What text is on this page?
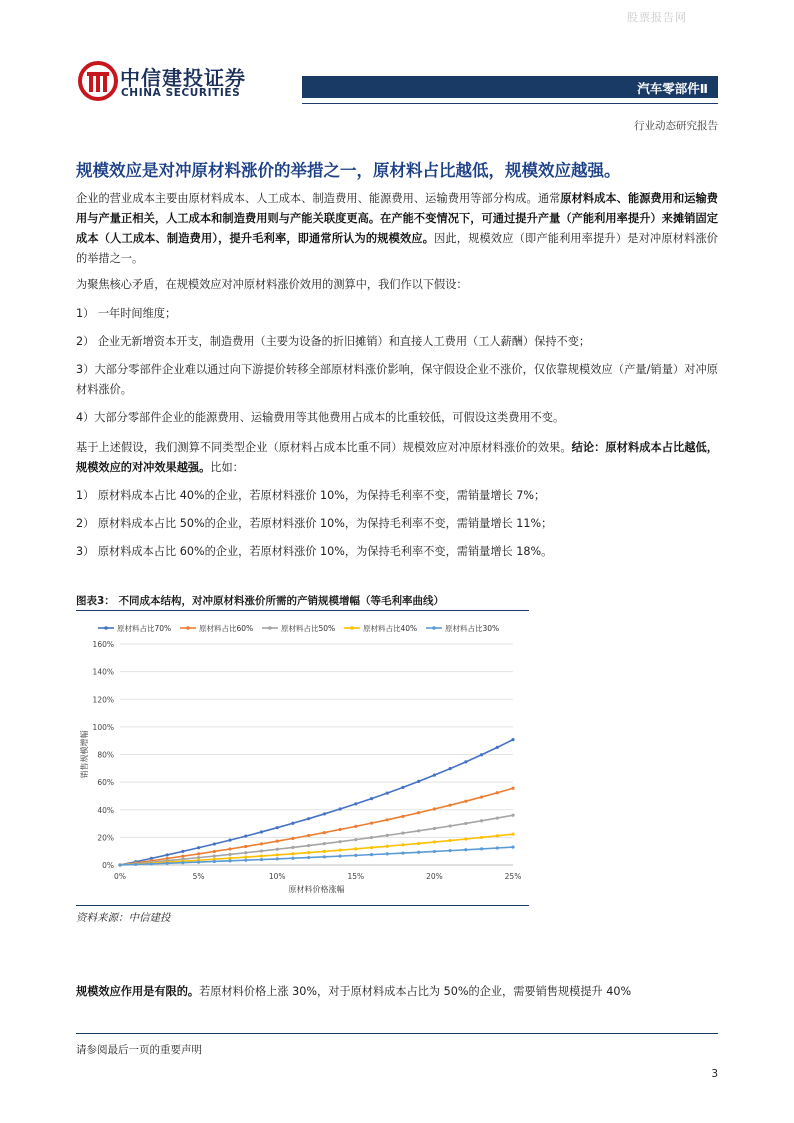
股票报告网
中信建投证券
CHINA SECURITIES	汽车零部件Ⅱ
行业动态研究报告
规模效应是对冲原材料涨价的举措之一，原材料占比越低，规模效应越强。
企业的营业成本主要由原材料成本、人工成本、制造费用、能源费用、运输费用等部分构成。通常原材料成本、能源费用和运输费用与产量正相关，人工成本和制造费用则与产能关联度更高。在产能不变情况下，可通过提升产量（产能利用率提升）来摊销固定成本（人工成本、制造费用），提升毛利率，即通常所认为的规模效应。因此，规模效应（即产能利用率提升）是对冲原材料涨价的举措之一。
为聚焦核心矛盾，在规模效应对冲原材料涨价效用的测算中，我们作以下假设：
1） 一年时间维度；
2） 企业无新增资本开支，制造费用（主要为设备的折旧摊销）和直接人工费用（工人薪酬）保持不变；
3）大部分零部件企业难以通过向下游提价转移全部原材料涨价影响，保守假设企业不涨价，仅依靠规模效应（产量/销量）对冲原材料涨价。
4）大部分零部件企业的能源费用、运输费用等其他费用占成本的比重较低，可假设这类费用不变。
基于上述假设，我们测算不同类型企业（原材料占成本比重不同）规模效应对冲原材料涨价的效果。结论：原材料成本占比越低，规模效应的对冲效果越强。比如：
1） 原材料成本占比 40%的企业，若原材料涨价 10%，为保持毛利率不变，需销量增长 7%；
2） 原材料成本占比 50%的企业，若原材料涨价 10%，为保持毛利率不变，需销量增长 11%；
3） 原材料成本占比 60%的企业，若原材料涨价 10%，为保持毛利率不变，需销量增长 18%。
图表3： 不同成本结构，对冲原材料涨价所需的产销规模增幅（等毛利率曲线）
原材料占比70%	原材料占比60%	原材料占比50%	原材料占比40%	原材料占比30%
0%
20%
40%
60%
80%
100%
120%
140%
160%
0%	5%	10%	15%	20%	25%
销售规模增幅
原材料价格涨幅
资料来源：中信建投
规模效应作用是有限的。若原材料价格上涨 30%，对于原材料成本占比为 50%的企业，需要销售规模提升 40%
请参阅最后一页的重要声明
3
